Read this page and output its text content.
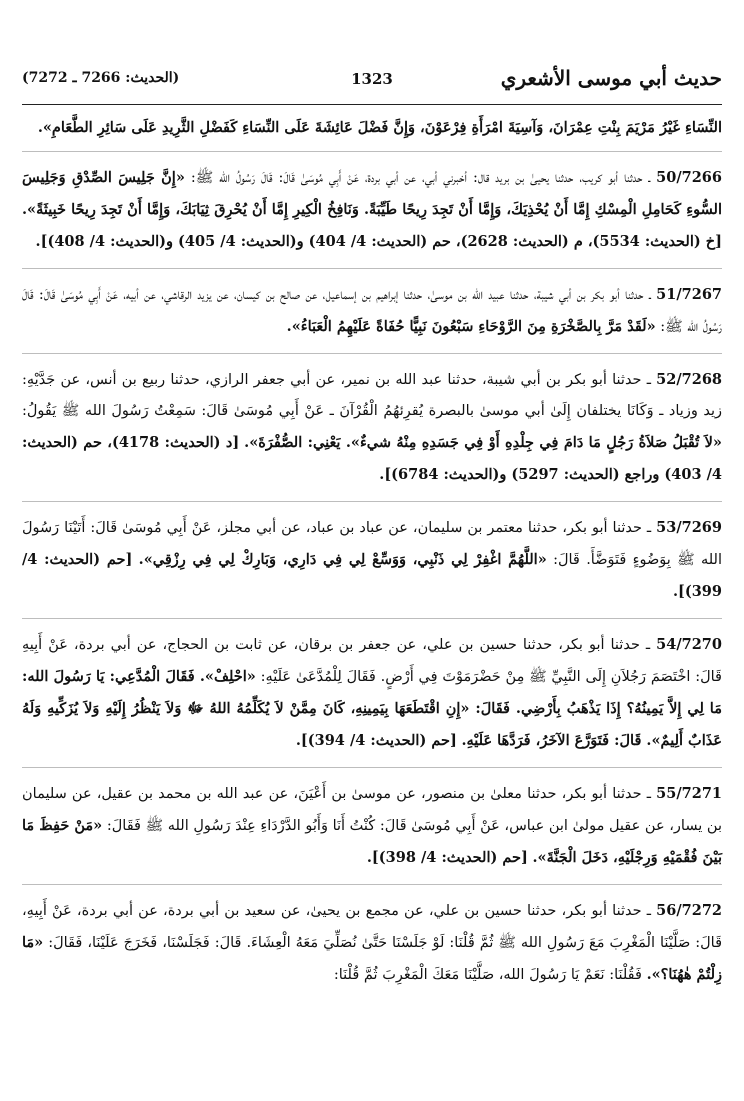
حديث أبي موسى الأشعري
1323
(الحديث: 7266 ـ 7272)

النِّسَاءِ غَيْرُ مَرْيَمَ بِنْتِ عِمْرَانَ، وَآسِيَةَ امْرَأَةِ فِرْعَوْنَ، وَإِنَّ فَضْلَ عَائِشَةَ عَلَى النِّسَاءِ كَفَضْلِ الثَّرِيدِ عَلَى سَائِرِ الطَّعَامِ».

50/7266 ـ حدثنا أبو كريب، حدثنا يحيىٰ بن بريد قال: أخبرني أبي، عن أبي بردة، عَنْ أَبِي مُوسَىٰ قَالَ: قَالَ رَسُولُ الله ﷺ: «إِنَّ جَلِيسَ الصِّدْقِ وَجَلِيسَ السُّوءِ كَحَامِلِ الْمِسْكِ إِمَّا أَنْ يُحْذِيَكَ، وَإِمَّا أَنْ تَجِدَ رِيحًا طَيِّبَةً. وَنَافِخُ الْكِيرِ إِمَّا أَنْ يُحْرِقَ ثِيَابَكَ، وَإِمَّا أَنْ تَجِدَ رِيحًا خَبِيثَةً». [خ (الحديث: 5534)، م (الحديث: 2628)، حم (الحديث: 4/ 404) و(الحديث: 4/ 405) و(الحديث: 4/ 408)].

51/7267 ـ حدثنا أبو بكر بن أبي شيبة، حدثنا عبيد الله بن موسىٰ، حدثنا إبراهيم بن إسماعيل، عن صالح بن كيسان، عن يزيد الرقاشي، عن أبيه، عَنْ أَبِي مُوسَىٰ قَالَ: قَالَ رَسُولُ الله ﷺ: «لَقَدْ مَرَّ بِالصَّخْرَةِ مِنَ الرَّوْحَاءِ سَبْعُونَ نَبِيًّا حُفَاةً عَلَيْهِمُ الْعَبَاءُ».

52/7268 ـ حدثنا أبو بكر بن أبي شيبة، حدثنا عبد الله بن نمير، عن أبي جعفر الرازي، حدثنا ربيع بن أنس، عن جَدَّيْهِ: زيد وزياد ـ وَكَانَا يختلفان إِلَىٰ أبي موسىٰ بالبصرة يُقرِئهُمُ الْقُرْآنَ ـ عَنْ أَبِي مُوسَىٰ قَالَ: سَمِعْتُ رَسُولَ الله ﷺ يَقُولُ: «لاَ تُقْبَلُ صَلاَةُ رَجُلٍ مَا دَامَ فِي جِلْدِهِ أَوْ فِي جَسَدِهِ مِنْهُ شيءٌ». يَعْنِي: الصُّفْرَةَ». [د (الحديث: 4178)، حم (الحديث: 4/ 403) وراجع (الحديث: 5297) و(الحديث: 6784)].

53/7269 ـ حدثنا أبو بكر، حدثنا معتمر بن سليمان، عن عباد بن عباد، عن أبي مجلز، عَنْ أَبِي مُوسَىٰ قَالَ: أَتَيْنَا رَسُولَ الله ﷺ بِوَضُوءٍ فَتَوَضَّأَ. قَالَ: «اللَّهُمَّ اغْفِرْ لِي ذَنْبِي، وَوَسِّعْ لِي فِي دَارِي، وَبَارِكْ لِي فِي رِزْقِي». [حم (الحديث: 4/ 399)].

54/7270 ـ حدثنا أبو بكر، حدثنا حسين بن علي، عن جعفر بن برقان، عن ثابت بن الحجاج، عن أبي بردة، عَنْ أَبِيهِ قَالَ: اخْتَصَمَ رَجُلاَنِ إِلَى النَّبِيِّ ﷺ مِنْ حَضْرَمَوْتَ فِي أَرْضٍ. فَقَالَ لِلْمُدَّعَىٰ عَلَيْهِ: «احْلِفْ». فَقَالَ الْمُدَّعِي: يَا رَسُولَ الله: مَا لِي إِلاَّ يَمِينُهُ؟ إِذَا يَذْهَبُ بِأَرْضِي. فَقَالَ: «إِنِ اقْتَطَعَهَا بِيَمِينِهِ، كَانَ مِمَّنْ لاَ يُكَلِّمُهُ اللهُ ﷻ وَلاَ يَنْظُرُ إِلَيْهِ وَلاَ يُزَكِّيهِ وَلَهُ عَذَابٌ أَلِيمٌ». قَالَ: فَتَوَرَّعَ الآخَرُ، فَرَدَّهَا عَلَيْهِ. [حم (الحديث: 4/ 394)].

55/7271 ـ حدثنا أبو بكر، حدثنا معلىٰ بن منصور، عن موسىٰ بن أَعْيَنَ، عن عبد الله بن محمد بن عقيل، عن سليمان بن يسار، عن عقيل مولىٰ ابن عباس، عَنْ أَبِي مُوسَىٰ قَالَ: كُنْتُ أَنَا وَأَبُو الدَّرْدَاءِ عِنْدَ رَسُولِ الله ﷺ فَقَالَ: «مَنْ حَفِظَ مَا بَيْنَ فُقْمَيْهِ وَرِجْلَيْهِ، دَخَلَ الْجَنَّةَ». [حم (الحديث: 4/ 398)].

56/7272 ـ حدثنا أبو بكر، حدثنا حسين بن علي، عن مجمع بن يحيىٰ، عن سعيد بن أبي بردة، عن أبي بردة، عَنْ أَبِيهِ، قَالَ: صَلَّيْنَا الْمَغْرِبَ مَعَ رَسُولِ الله ﷺ ثُمَّ قُلْنَا: لَوْ جَلَسْنَا حَتَّىٰ نُصَلِّيَ مَعَهُ الْعِشَاءَ. قَالَ: فَجَلَسْنَا، فَخَرَجَ عَلَيْنَا، فَقَالَ: «مَا زِلْتُمْ هٰهُنَا؟». فَقُلْنَا: نَعَمْ يَا رَسُولَ الله، صَلَّيْنَا مَعَكَ الْمَغْرِبَ ثُمَّ قُلْنَا:
